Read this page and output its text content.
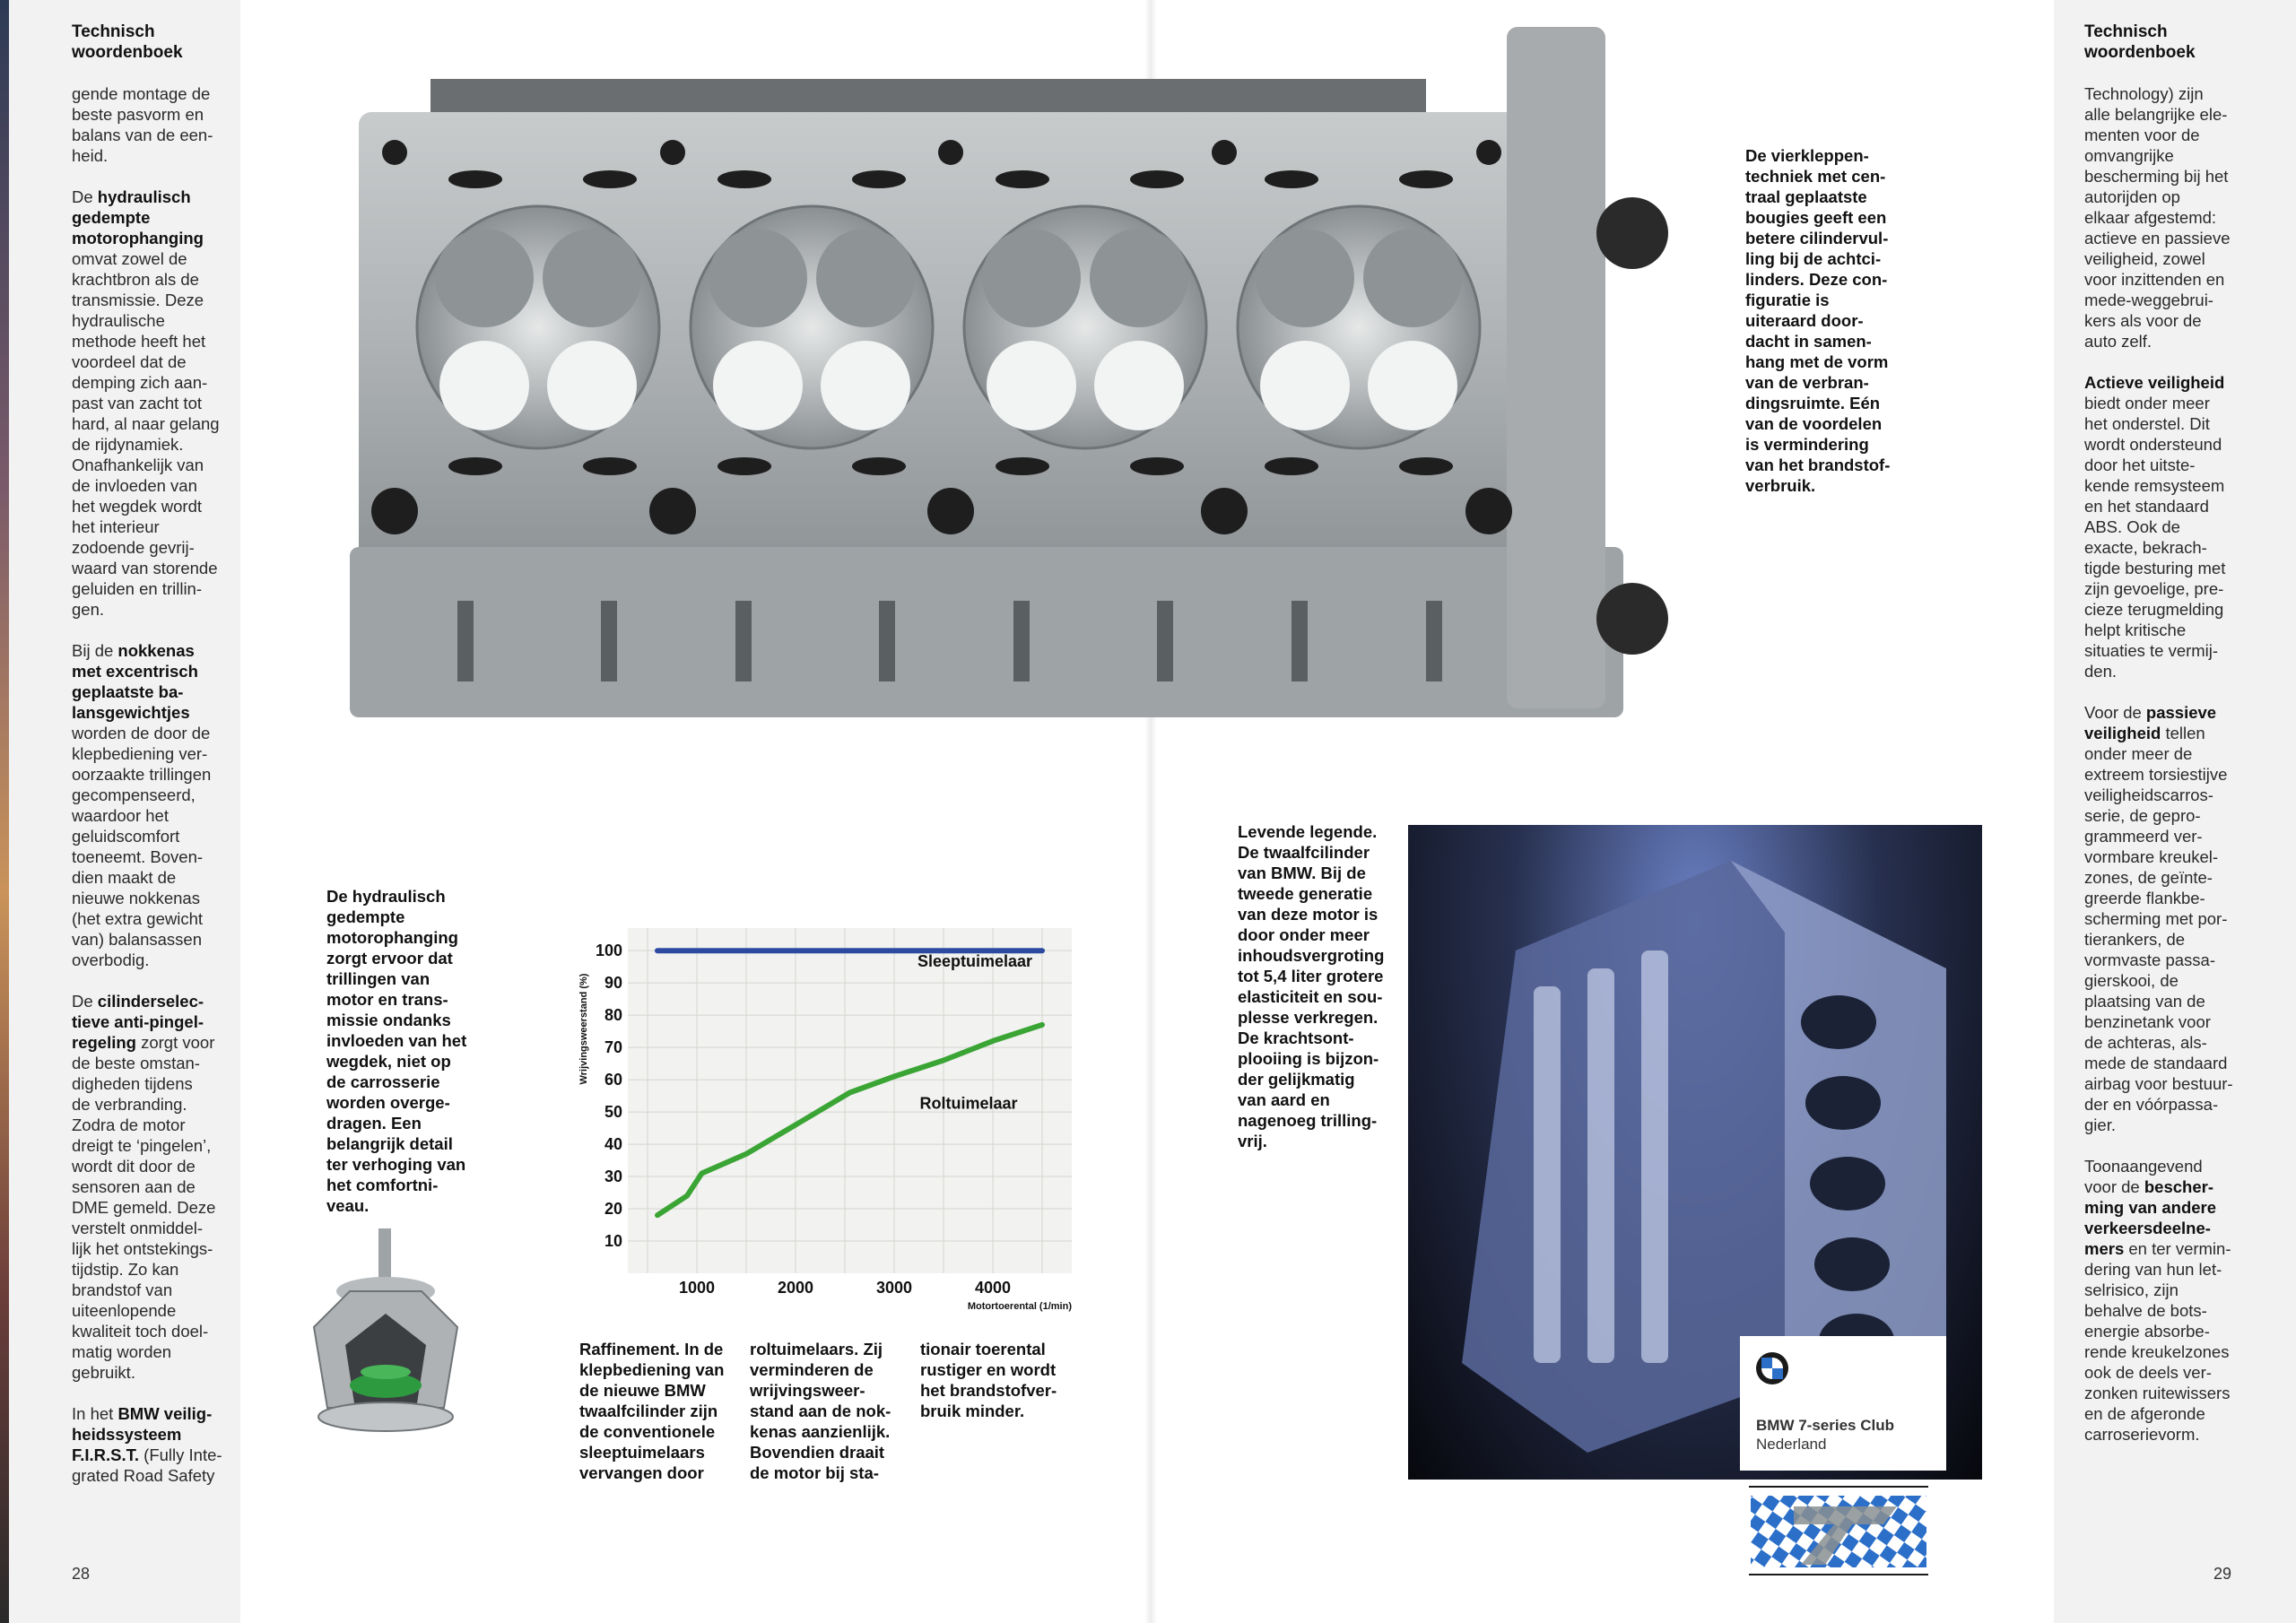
Technisch
woordenboek

gende montage de
beste pasvorm en
balans van de een-
heid.

De hydraulisch
gedempte
motorophanging
omvat zowel de
krachtbron als de
transmissie. Deze
hydraulische
methode heeft het
voordeel dat de
demping zich aan-
past van zacht tot
hard, al naar gelang
de rijdynamiek.
Onafhankelijk van
de invloeden van
het wegdek wordt
het interieur
zodoende gevrij-
waard van storende
geluiden en trillin-
gen.

Bij de nokkenas
met excentrisch
geplaatste ba-
lansgewichtjes
worden de door de
klepbediening ver-
oorzaakte trillingen
gecompenseerd,
waardoor het
geluidscomfort
toeneemt. Boven-
dien maakt de
nieuwe nokkenas
(het extra gewicht
van) balansassen
overbodig.

De cilinderselec-
tieve anti-pingel-
regeling zorgt voor
de beste omstan-
digheden tijdens
de verbranding.
Zodra de motor
dreigt te ‘pingelen’,
wordt dit door de
sensoren aan de
DME gemeld. Deze
verstelt onmiddel-
lijk het ontstekings-
tijdstip. Zo kan
brandstof van
uiteenlopende
kwaliteit toch doel-
matig worden
gebruikt.

In het BMW veilig-
heidssysteem
F.I.R.S.T. (Fully Inte-
grated Road Safety

28
Technisch
woordenboek

Technology) zijn
alle belangrijke ele-
menten voor de
omvangrijke
bescherming bij het
autorijden op
elkaar afgestemd:
actieve en passieve
veiligheid, zowel
voor inzittenden en
mede-weggebrui-
kers als voor de
auto zelf.

Actieve veiligheid
biedt onder meer
het onderstel. Dit
wordt ondersteund
door het uitste-
kende remsysteem
en het standaard
ABS. Ook de
exacte, bekrach-
tigde besturing met
zijn gevoelige, pre-
cieze terugmelding
helpt kritische
situaties te vermij-
den.

Voor de passieve
veiligheid tellen
onder meer de
extreem torsiestijve
veiligheidscarros-
serie, de gepro-
grammeerd ver-
vormbare kreukel-
zones, de geïnte-
greerde flankbe-
scherming met por-
tierankers, de
vormvaste passa-
gierskooi, de
plaatsing van de
benzinetank voor
de achteras, als-
mede de standaard
airbag voor bestuur-
der en vóórpassa-
gier.

Toonaangevend
voor de bescher-
ming van andere
verkeersdeelne-
mers en ter vermin-
dering van hun let-
selrisico, zijn
behalve de bots-
energie absorbe-
rende kreukelzones
ook de deels ver-
zonken ruitewissers
en de afgeronde
carroserievorm.

29
De vierkleppen-
techniek met cen-
traal geplaatste
bougies geeft een
betere cilindervul-
ling bij de achtci-
linders. Deze con-
figuratie is
uiteraard door-
dacht in samen-
hang met de vorm
van de verbran-
dingsruimte. Eén
van de voordelen
is vermindering
van het brandstof-
verbruik.
De hydraulisch
gedempte
motorophanging
zorgt ervoor dat
trillingen van
motor en trans-
missie ondanks
invloeden van het
wegdek, niet op
de carrosserie
worden overge-
dragen. Een
belangrijk detail
ter verhoging van
het comfortni-
veau.
10
20
30
40
50
60
70
80
90
100
1000	2000	3000	4000
Motortoerental (1/min)
Wrijvingsweerstand (%)
Sleeptuimelaar
Roltuimelaar
Raffinement. In de
klepbediening van
de nieuwe BMW
twaalfcilinder zijn
de conventionele
sleeptuimelaars
vervangen door
roltuimelaars. Zij
verminderen de
wrijvingsweer-
stand aan de nok-
kenas aanzienlijk.
Bovendien draait
de motor bij sta-
tionair toerental
rustiger en wordt
het brandstofver-
bruik minder.
Levende legende.
De twaalfcilinder
van BMW. Bij de
tweede generatie
van deze motor is
door onder meer
inhoudsvergroting
tot 5,4 liter grotere
elasticiteit en sou-
plesse verkregen.
De krachtsont-
plooiing is bijzon-
der gelijkmatig
van aard en
nagenoeg trilling-
vrij.
BMW 7-series Club
Nederland
